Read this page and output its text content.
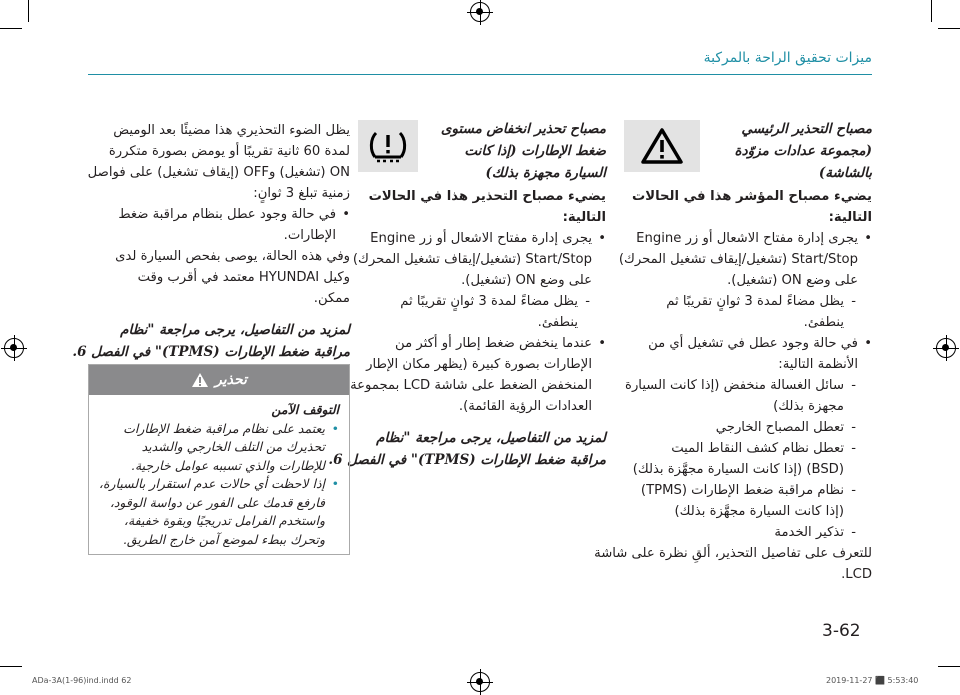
ميزات تحقيق الراحة بالمركبة
مصباح التحذير الرئيسي
(مجموعة عدادات مزوّدة
بالشاشة)
يضيء مصباح المؤشر هذا في الحالات التالية:
• يجرى إدارة مفتاح الاشعال أو زر Engine
Start/Stop (تشغيل/إيقاف تشغيل المحرك)
على وضع ON (تشغيل).
- يظل مضاءً لمدة 3 ثوانٍ تقريبًا ثم ينطفئ.
• في حالة وجود عطل في تشغيل أي من
الأنظمة التالية:
- سائل الغسالة منخفض (إذا كانت السيارة
مجهزة بذلك)
- تعطل المصباح الخارجي
- تعطل نظام كشف النقاط الميت
(BSD) (إذا كانت السيارة مجهَّزة بذلك)
- نظام مراقبة ضغط الإطارات (TPMS)
(إذا كانت السيارة مجهَّزة بذلك)
- تذكير الخدمة
للتعرف على تفاصيل التحذير، ألقِ نظرة على شاشة
LCD.
مصباح تحذير انخفاض مستوى
ضغط الإطارات (إذا كانت
السيارة مجهزة بذلك)
يضيء مصباح التحذير هذا في الحالات التالية:
• يجرى إدارة مفتاح الاشعال أو زر Engine
Start/Stop (تشغيل/إيقاف تشغيل المحرك)
على وضع ON (تشغيل).
- يظل مضاءً لمدة 3 ثوانٍ تقريبًا ثم ينطفئ.
• عندما ينخفض ضغط إطار أو أكثر من
الإطارات بصورة كبيرة (يظهر مكان الإطار
المنخفض الضغط على شاشة LCD بمجموعة
العدادات الرؤية القائمة).
لمزيد من التفاصيل، يرجى مراجعة "نظام
مراقبة ضغط الإطارات (TPMS)" في الفصل 6.
يظل الضوء التحذيري هذا مضيئًا بعد الوميض
لمدة 60 ثانية تقريبًا أو يومض بصورة متكررة
ON (تشغيل) وOFF (إيقاف تشغيل) على فواصل
زمنية تبلغ 3 ثوانٍ:
• في حالة وجود عطل بنظام مراقبة ضغط
الإطارات.
وفي هذه الحالة، يوصى بفحص السيارة لدى
وكيل HYUNDAI معتمد في أقرب وقت
ممكن.
لمزيد من التفاصيل، يرجى مراجعة "نظام
مراقبة ضغط الإطارات (TPMS)" في الفصل 6.
تحذير
التوقف الآمن
• يعتمد على نظام مراقبة ضغط الإطارات
تحذيرك من التلف الخارجي والشديد
للإطارات والذي تسببه عوامل خارجية.
• إذا لاحظت أي حالات عدم استقرار بالسيارة،
فارفع قدمك على الفور عن دواسة الوقود،
واستخدم الفرامل تدريجيًا وبقوة خفيفة،
وتحرك ببطء لموضع آمن خارج الطريق.
3-62
ADa-3A(1-96)ind.indd 62	2019-11-27 ⬛ 5:53:40
